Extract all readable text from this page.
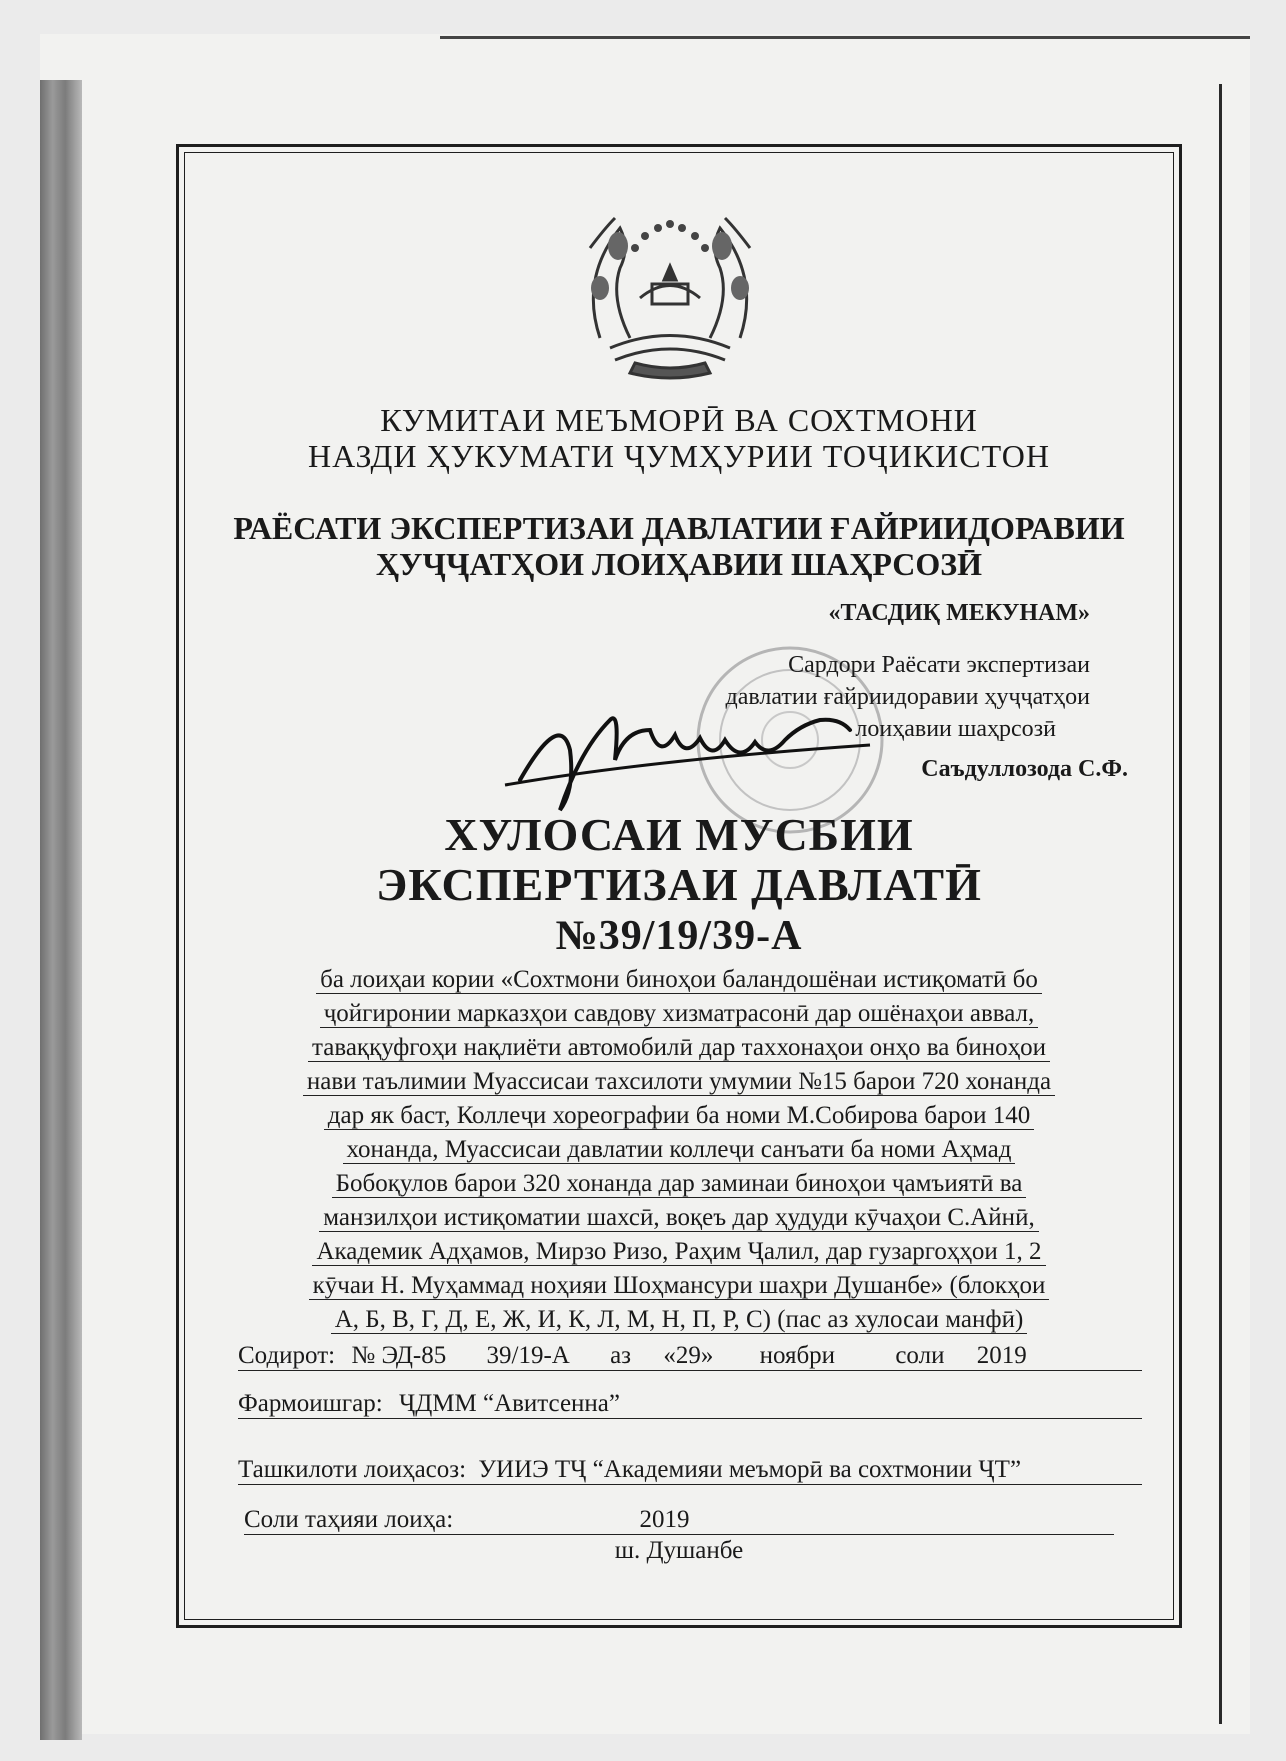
КУМИТАИ МЕЪМОРӢ ВА СОХТМОНИ
НАЗДИ ҲУКУМАТИ ҶУМҲУРИИ ТОҶИКИСТОН
РАЁСАТИ ЭКСПЕРТИЗАИ ДАВЛАТИИ ҒАЙРИИДОРАВИИ
ҲУҶҶАТҲОИ ЛОИҲАВИИ ШАҲРСОЗӢ
«ТАСДИҚ МЕКУНАМ»
Сардори Раёсати экспертизаи
давлатии ғайриидоравии ҳуҷҷатҳои
лоиҳавии шаҳрсозӣ
Саъдуллозода С.Ф.
ХУЛОСАИ МУСБИИ
ЭКСПЕРТИЗАИ ДАВЛАТӢ
№39/19/39-А
ба лоиҳаи кории «Сохтмони биноҳои баландошёнаи истиқоматӣ бо
ҷойгиронии марказҳои савдову хизматрасонӣ дар ошёнаҳои аввал,
таваққуфгоҳи нақлиёти автомобилӣ дар таххонаҳои онҳо ва биноҳои
нави таълимии Муассисаи тахсилоти умумии №15 барои 720 хонанда
дар як баст, Коллеҷи хореографии ба номи М.Собирова барои 140
хонанда, Муассисаи давлатии коллеҷи санъати ба номи Аҳмад
Бобоқулов барои 320 хонанда дар заминаи биноҳои ҷамъиятӣ ва
манзилҳои истиқоматии шахсӣ, воқеъ дар ҳудуди кӯчаҳои С.Айнӣ,
Академик Адҳамов, Мирзо Ризо, Раҳим Ҷалил, дар гузаргоҳҳои 1, 2
кӯчаи Н. Муҳаммад ноҳияи Шоҳмансури шаҳри Душанбе» (блокҳои
А, Б, В, Г, Д, Е, Ж, И, К, Л, М, Н, П, Р, С) (пас аз хулосаи манфӣ)
Содирот: № ЭД-85 39/19-А аз «29» ноябри соли 2019
Фармоишгар: ҶДММ “Авитсенна”
Ташкилоти лоиҳасоз: УИИЭ ТҶ “Академияи меъморӣ ва сохтмонии ҶТ”
Соли таҳияи лоиҳа:	2019
ш. Душанбе
